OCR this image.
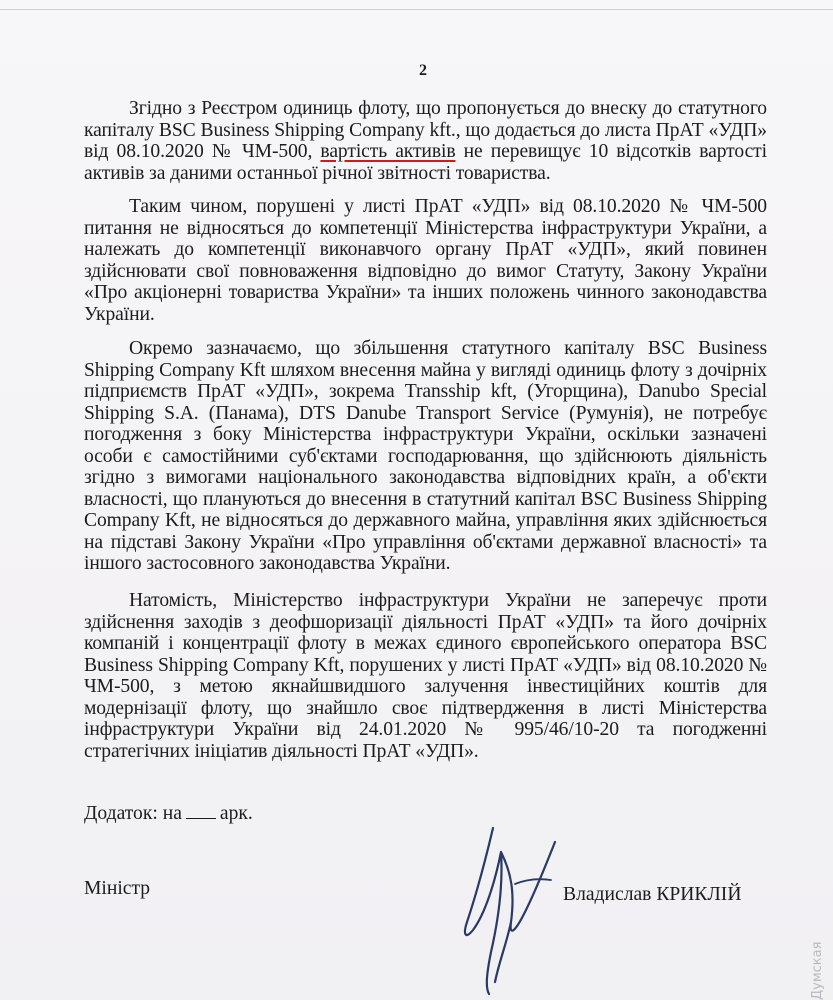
2

Згідно з Реєстром одиниць флоту, що пропонується до внеску до статутного капіталу BSC Business Shipping Company kft., що додається до листа ПрАТ «УДП» від 08.10.2020 № ЧМ-500, вартість активів не перевищує 10 відсотків вартості активів за даними останньої річної звітності товариства.

Таким чином, порушені у листі ПрАТ «УДП» від 08.10.2020 № ЧМ-500 питання не відносяться до компетенції Міністерства інфраструктури України, а належать до компетенції виконавчого органу ПрАТ «УДП», який повинен здійснювати свої повноваження відповідно до вимог Статуту, Закону України «Про акціонерні товариства України» та інших положень чинного законодавства України.

Окремо зазначаємо, що збільшення статутного капіталу BSC Business Shipping Company Kft шляхом внесення майна у вигляді одиниць флоту з дочірніх підприємств ПрАТ «УДП», зокрема Transship kft, (Угорщина), Danubo Special Shipping S.A. (Панама), DTS Danube Transport Service (Румунія), не потребує погодження з боку Міністерства інфраструктури України, оскільки зазначені особи є самостійними суб'єктами господарювання, що здійснюють діяльність згідно з вимогами національного законодавства відповідних країн, а об'єкти власності, що плануються до внесення в статутний капітал BSC Business Shipping Company Kft, не відносяться до державного майна, управління яких здійснюється на підставі Закону України «Про управління об'єктами державної власності» та іншого застосовного законодавства України.

Натомість, Міністерство інфраструктури України не заперечує проти здійснення заходів з деофшоризації діяльності ПрАТ «УДП» та його дочірніх компаній і концентрації флоту в межах єдиного європейського оператора BSC Business Shipping Company Kft, порушених у листі ПрАТ «УДП» від 08.10.2020 № ЧМ-500, з метою якнайшвидшого залучення інвестиційних коштів для модернізації флоту, що знайшло своє підтвердження в листі Міністерства інфраструктури України від 24.01.2020 № 995/46/10-20 та погодженні стратегічних ініціатив діяльності ПрАТ «УДП».

Додаток: на арк.
Міністр	Владислав КРИКЛІЙ
Думская
